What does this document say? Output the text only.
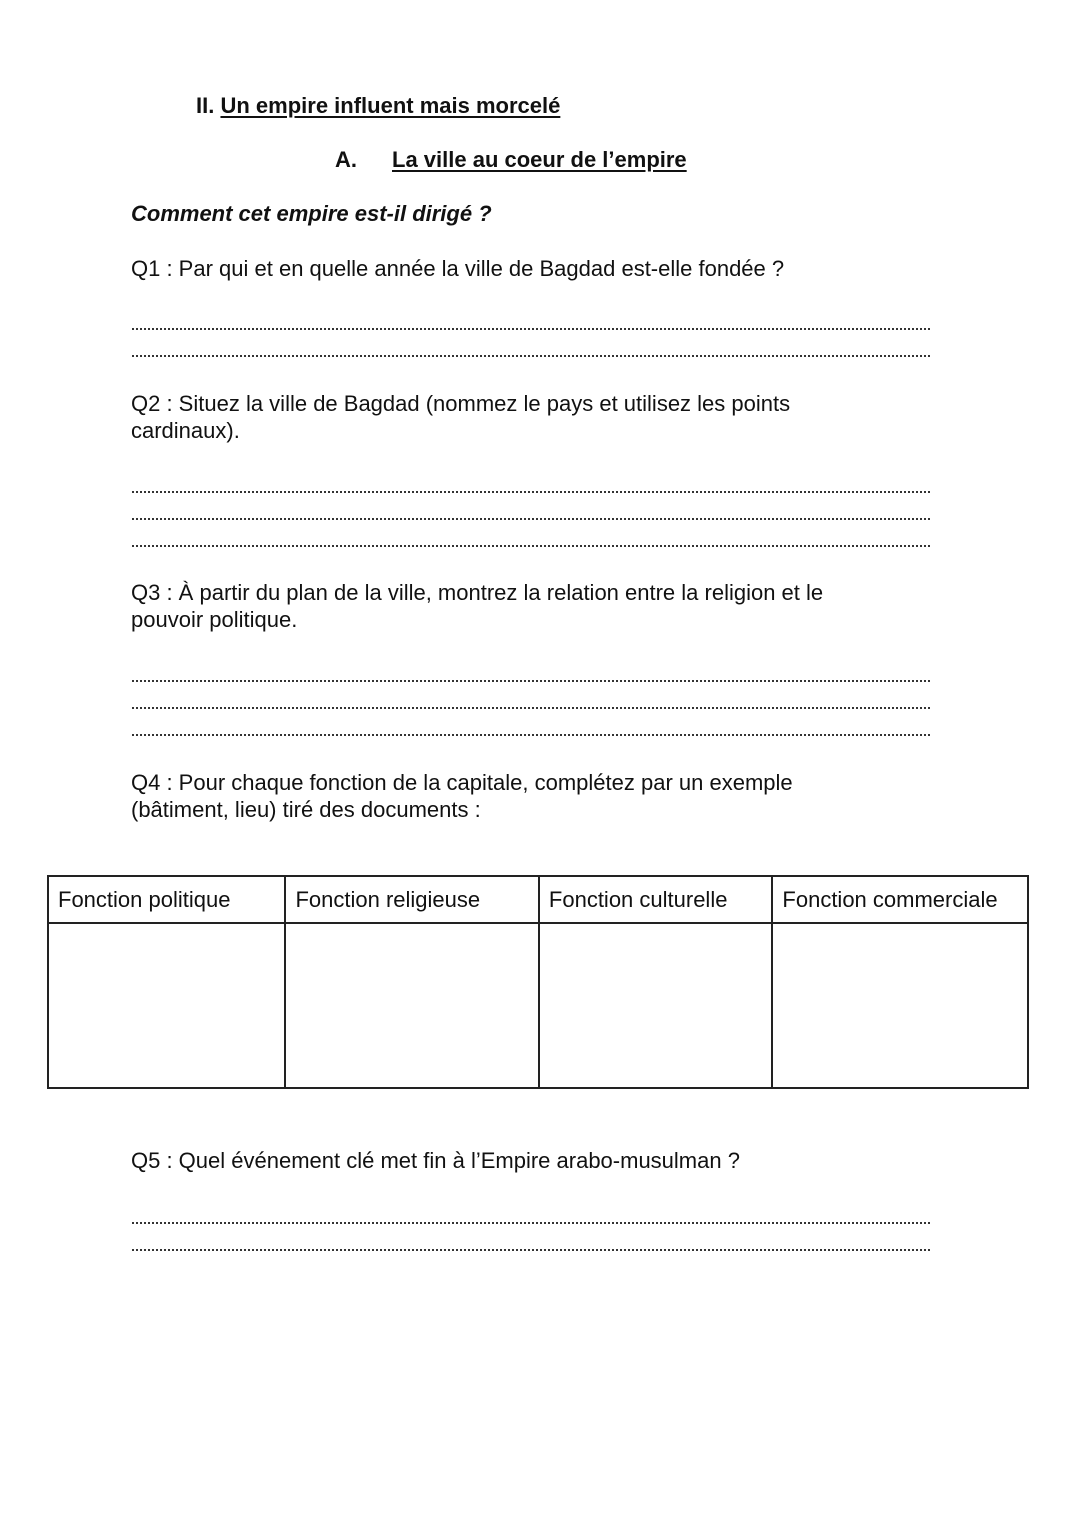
II. Un empire influent mais morcelé
A. La ville au coeur de l’empire
Comment cet empire est-il dirigé ?
Q1 : Par qui et en quelle année la ville de Bagdad est-elle fondée ?
Q2 : Situez la ville de Bagdad (nommez le pays et utilisez les points
cardinaux).
Q3 : À partir du plan de la ville, montrez la relation entre la religion et le
pouvoir politique.
Q4 : Pour chaque fonction de la capitale, complétez par un exemple
(bâtiment, lieu) tiré des documents :
Fonction politique	Fonction religieuse	Fonction culturelle	Fonction commerciale

Q5 : Quel événement clé met fin à l’Empire arabo-musulman ?
